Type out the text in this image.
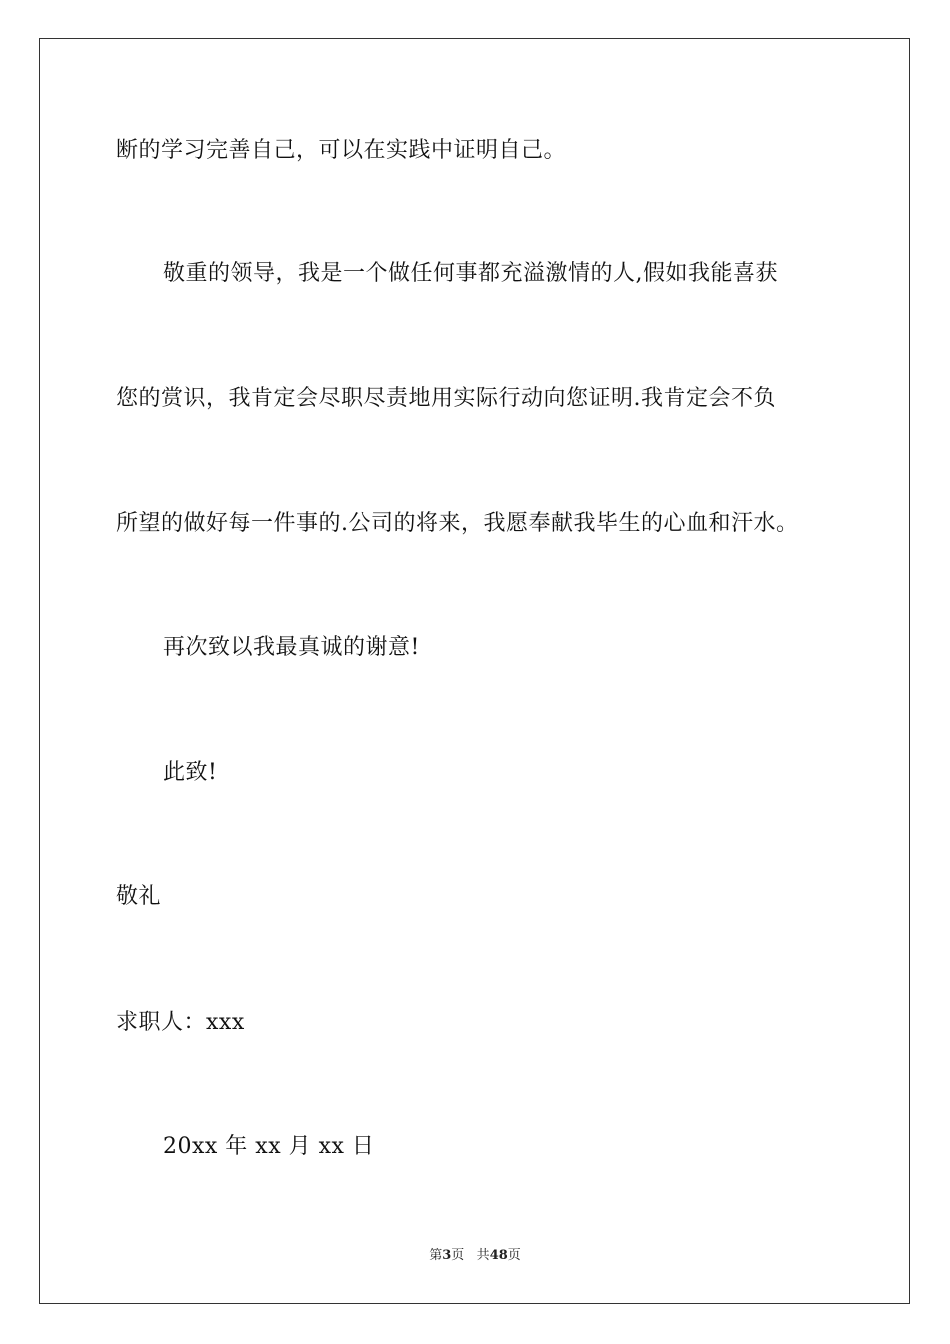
断的学习完善自己，可以在实践中证明自己。
敬重的领导，我是一个做任何事都充溢激情的人,假如我能喜获
您的赏识，我肯定会尽职尽责地用实际行动向您证明.我肯定会不负
所望的做好每一件事的.公司的将来，我愿奉献我毕生的心血和汗水。
再次致以我最真诚的谢意!
此致!
敬礼
求职人：xxx
20xx 年 xx 月 xx 日
第3页 共48页
